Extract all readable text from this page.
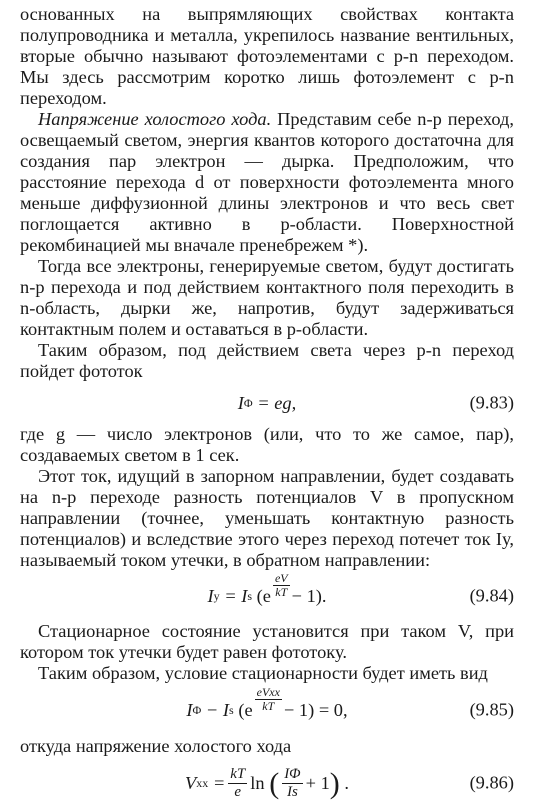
основанных на выпрямляющих свойствах контакта полупроводника и металла, укрепилось название вентильных, вторые обычно называют фотоэлементами с p-n переходом. Мы здесь рассмотрим коротко лишь фотоэлемент с p-n переходом.

Напряжение холостого хода. Представим себе n-p переход, освещаемый светом, энергия квантов которого достаточна для создания пар электрон — дырка. Предположим, что расстояние перехода d от поверхности фотоэлемента много меньше диффузионной длины электронов и что весь свет поглощается активно в p-области. Поверхностной рекомбинацией мы вначале пренебрежем *).

Тогда все электроны, генерируемые светом, будут достигать n-p перехода и под действием контактного поля переходить в n-область, дырки же, напротив, будут задерживаться контактным полем и оставаться в p-области.

Таким образом, под действием света через p-n переход пойдет фототок

I Φ
= eg,	(9.83)

где g — число электронов (или, что то же самое, пар), создаваемых светом в 1 сек.

Этот ток, идущий в запорном направлении, будет создавать на n-p переходе разность потенциалов V в пропускном направлении (точнее, уменьшать контактную разность потенциалов) и вследствие этого через переход потечет ток Iу, называемый током утечки, в обратном направлении:

I у
= I s
$(e \frac{eV}{kT} - 1)$.	(9.84)

Стационарное состояние установится при таком V, при котором ток утечки будет равен фототоку.

Таким образом, условие стационарности будет иметь вид

I Φ
− I s
$(e \frac{\text{eVxx}}{kT} - 1) = 0$,	(9.85)

откуда напряжение холостого хода

V xx
= $\frac{kT}{e}$ ln
( IΦ
Is + 1 )
.	(9.86)
